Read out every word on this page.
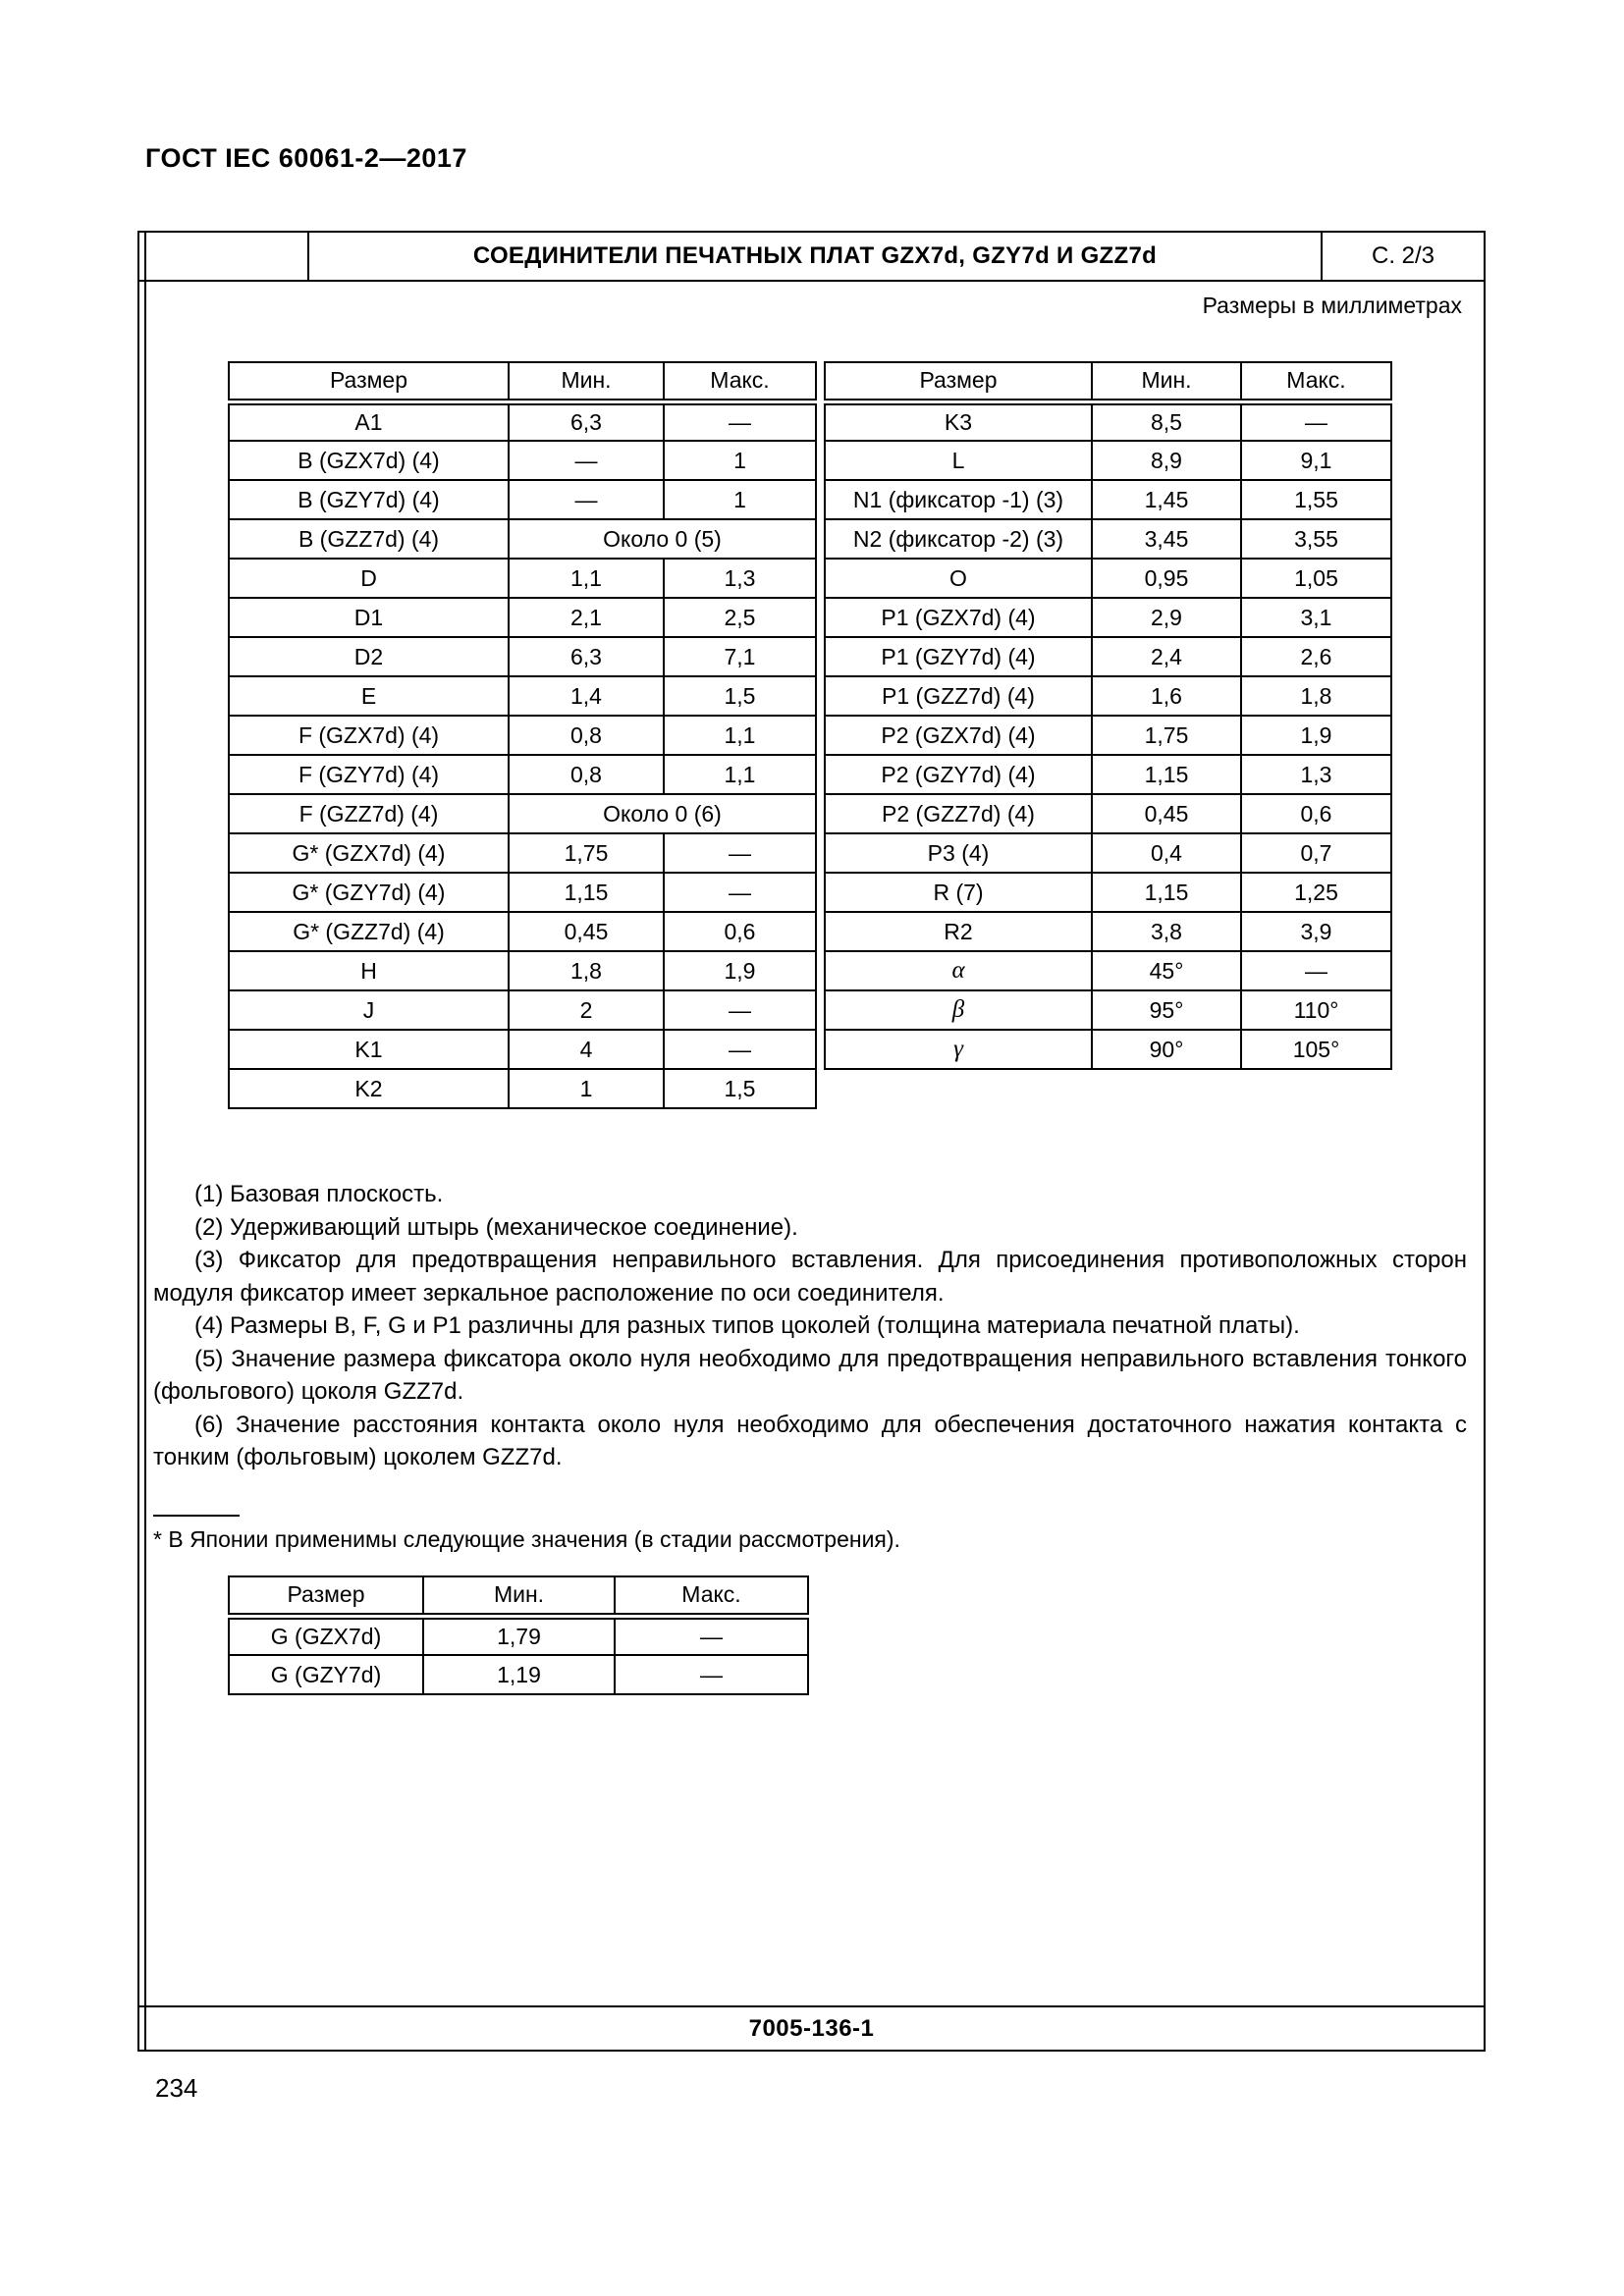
ГОСТ IEC 60061-2—2017
СОЕДИНИТЕЛИ ПЕЧАТНЫХ ПЛАТ GZX7d, GZY7d И GZZ7d	С. 2/3
Размеры в миллиметрах
Размер	Мин.	Макс.
A1	6,3	—
B (GZX7d) (4)	—	1
B (GZY7d) (4)	—	1
B (GZZ7d) (4)	Около 0 (5)	
D	1,1	1,3
D1	2,1	2,5
D2	6,3	7,1
E	1,4	1,5
F (GZX7d) (4)	0,8	1,1
F (GZY7d) (4)	0,8	1,1
F (GZZ7d) (4)	Около 0 (6)	
G* (GZX7d) (4)	1,75	—
G* (GZY7d) (4)	1,15	—
G* (GZZ7d) (4)	0,45	0,6
H	1,8	1,9
J	2	—
K1	4	—
K2	1	1,5
Размер	Мин.	Макс.
K3	8,5	—
L	8,9	9,1
N1 (фиксатор -1) (3)	1,45	1,55
N2 (фиксатор -2) (3)	3,45	3,55
O	0,95	1,05
P1 (GZX7d) (4)	2,9	3,1
P1 (GZY7d) (4)	2,4	2,6
P1 (GZZ7d) (4)	1,6	1,8
P2 (GZX7d) (4)	1,75	1,9
P2 (GZY7d) (4)	1,15	1,3
P2 (GZZ7d) (4)	0,45	0,6
P3 (4)	0,4	0,7
R (7)	1,15	1,25
R2	3,8	3,9
α	45°	—
β	95°	110°
γ	90°	105°

(1) Базовая плоскость.

(2) Удерживающий штырь (механическое соединение).

(3) Фиксатор для предотвращения неправильного вставления. Для присоединения противоположных сторон модуля фиксатор имеет зеркальное расположение по оси соединителя.

(4) Размеры B, F, G и P1 различны для разных типов цоколей (толщина материала печатной платы).

(5) Значение размера фиксатора около нуля необходимо для предотвращения неправильного вставления тонкого (фольгового) цоколя GZZ7d.

(6) Значение расстояния контакта около нуля необходимо для обеспечения достаточного нажатия контакта с тонким (фольговым) цоколем GZZ7d.

* В Японии применимы следующие значения (в стадии рассмотрения).
Размер	Мин.	Макс.
G (GZX7d)	1,79	—
G (GZY7d)	1,19	—
7005-136-1
234
